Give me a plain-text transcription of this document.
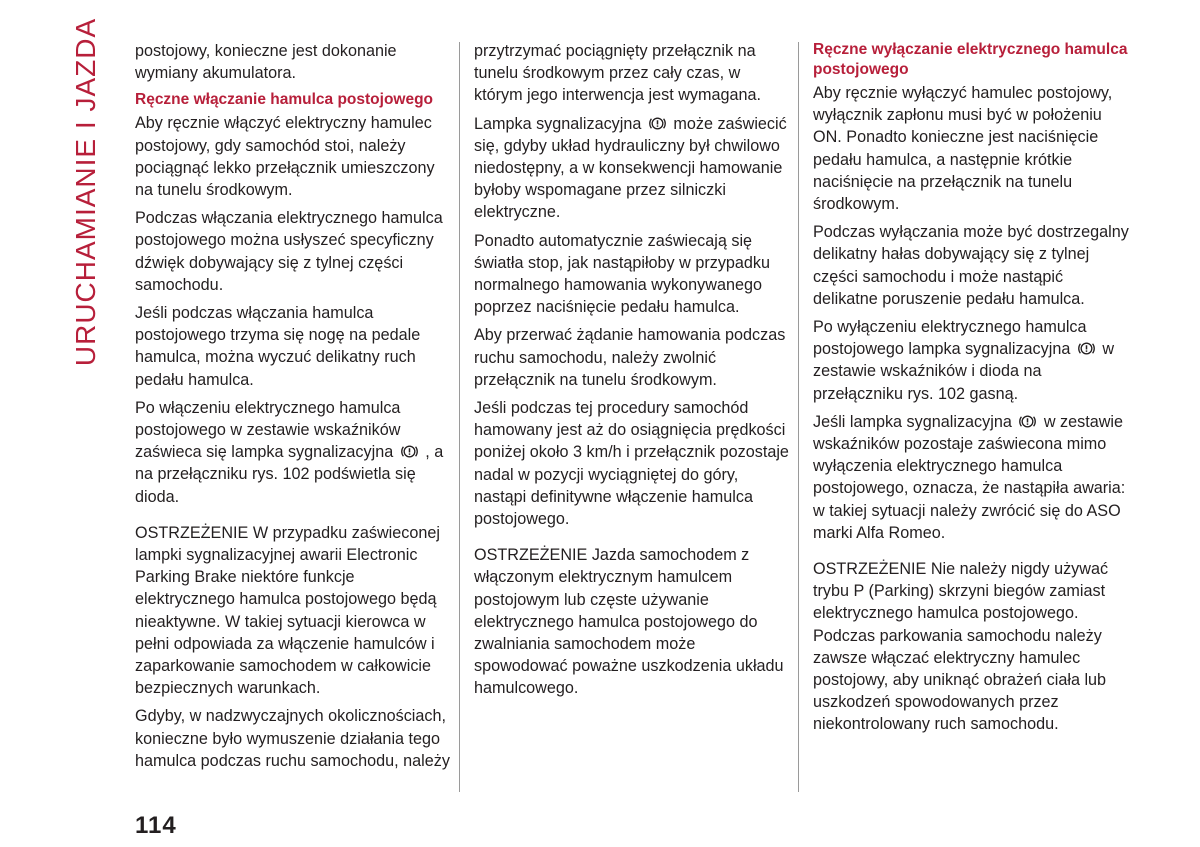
URUCHAMIANIE I JAZDA postojowy, konieczne jest dokonanie wymiany akumulatora.

Ręczne włączanie hamulca postojowego

Aby ręcznie włączyć elektryczny hamulec postojowy, gdy samochód stoi, należy pociągnąć lekko przełącznik umieszczony na tunelu środkowym.

Podczas włączania elektrycznego hamulca postojowego można usłyszeć specyficzny dźwięk dobywający się z tylnej części samochodu.

Jeśli podczas włączania hamulca postojowego trzyma się nogę na pedale hamulca, można wyczuć delikatny ruch pedału hamulca.

Po włączeniu elektrycznego hamulca postojowego w zestawie wskaźników zaświeca się lampka sygnalizacyjna , a na przełączniku rys. 102 podświetla się dioda.

OSTRZEŻENIE W przypadku zaświeconej lampki sygnalizacyjnej awarii Electronic Parking Brake niektóre funkcje elektrycznego hamulca postojowego będą nieaktywne. W takiej sytuacji kierowca w pełni odpowiada za włączenie hamulców i zaparkowanie samochodem w całkowicie bezpiecznych warunkach.

Gdyby, w nadzwyczajnych okolicznościach, konieczne było wymuszenie działania tego hamulca podczas ruchu samochodu, należy

przytrzymać pociągnięty przełącznik na tunelu środkowym przez cały czas, w którym jego interwencja jest wymagana.

Lampka sygnalizacyjna może zaświecić się, gdyby układ hydrauliczny był chwilowo niedostępny, a w konsekwencji hamowanie byłoby wspomagane przez silniczki elektryczne.

Ponadto automatycznie zaświecają się światła stop, jak nastąpiłoby w przypadku normalnego hamowania wykonywanego poprzez naciśnięcie pedału hamulca.

Aby przerwać żądanie hamowania podczas ruchu samochodu, należy zwolnić przełącznik na tunelu środkowym.

Jeśli podczas tej procedury samochód hamowany jest aż do osiągnięcia prędkości poniżej około 3 km/h i przełącznik pozostaje nadal w pozycji wyciągniętej do góry, nastąpi definitywne włączenie hamulca postojowego.

OSTRZEŻENIE Jazda samochodem z włączonym elektrycznym hamulcem postojowym lub częste używanie elektrycznego hamulca postojowego do zwalniania samochodem może spowodować poważne uszkodzenia układu hamulcowego.

Ręczne wyłączanie elektrycznego hamulca postojowego

Aby ręcznie wyłączyć hamulec postojowy, wyłącznik zapłonu musi być w położeniu ON. Ponadto konieczne jest naciśnięcie pedału hamulca, a następnie krótkie naciśnięcie na przełącznik na tunelu środkowym.

Podczas wyłączania może być dostrzegalny delikatny hałas dobywający się z tylnej części samochodu i może nastąpić delikatne poruszenie pedału hamulca.

Po wyłączeniu elektrycznego hamulca postojowego lampka sygnalizacyjna w zestawie wskaźników i dioda na przełączniku rys. 102 gasną.

Jeśli lampka sygnalizacyjna w zestawie wskaźników pozostaje zaświecona mimo wyłączenia elektrycznego hamulca postojowego, oznacza, że nastąpiła awaria: w takiej sytuacji należy zwrócić się do ASO marki Alfa Romeo.

OSTRZEŻENIE Nie należy nigdy używać trybu P (Parking) skrzyni biegów zamiast elektrycznego hamulca postojowego. Podczas parkowania samochodu należy zawsze włączać elektryczny hamulec postojowy, aby uniknąć obrażeń ciała lub uszkodzeń spowodowanych przez niekontrolowany ruch samochodu.

114
